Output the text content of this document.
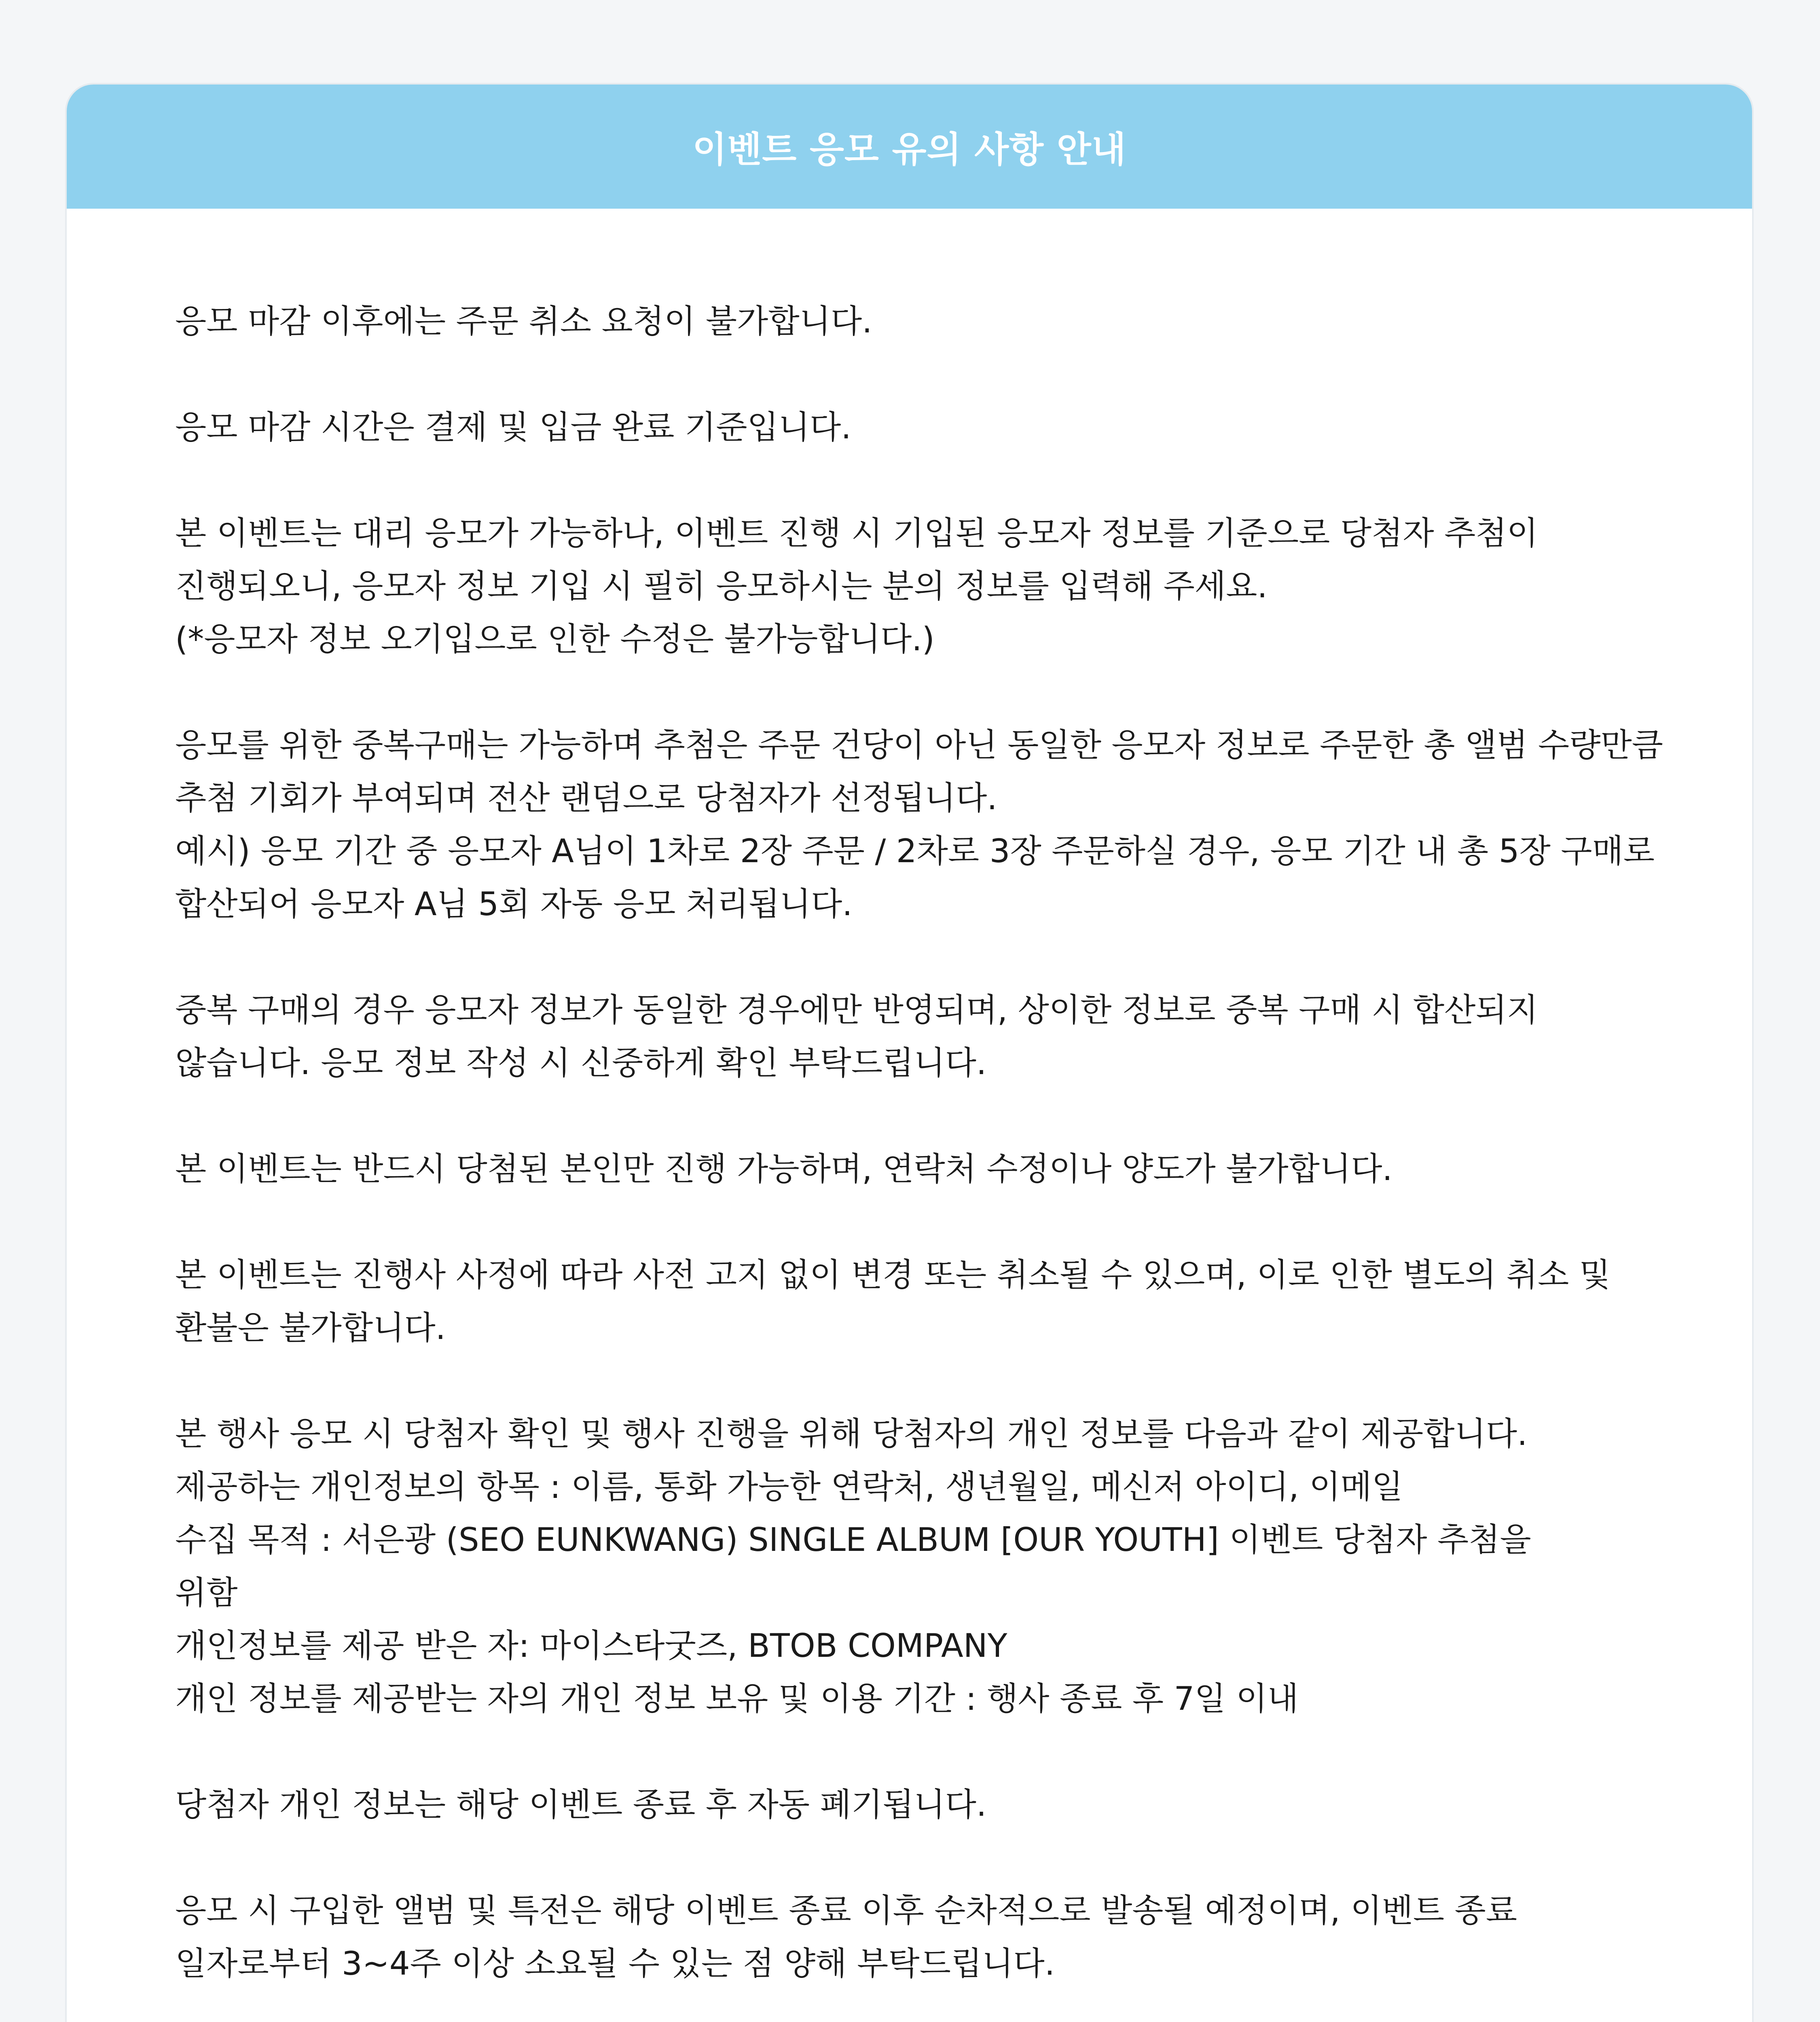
이벤트 응모 유의 사항 안내
응모 마감 이후에는 주문 취소 요청이 불가합니다.
응모 마감 시간은 결제 및 입금 완료 기준입니다.
본 이벤트는 대리 응모가 가능하나, 이벤트 진행 시 기입된 응모자 정보를 기준으로 당첨자 추첨이
진행되오니, 응모자 정보 기입 시 필히 응모하시는 분의 정보를 입력해 주세요.
(*응모자 정보 오기입으로 인한 수정은 불가능합니다.)
응모를 위한 중복구매는 가능하며 추첨은 주문 건당이 아닌 동일한 응모자 정보로 주문한 총 앨범 수량만큼
추첨 기회가 부여되며 전산 랜덤으로 당첨자가 선정됩니다.
예시) 응모 기간 중 응모자 A님이 1차로 2장 주문 / 2차로 3장 주문하실 경우, 응모 기간 내 총 5장 구매로
합산되어 응모자 A님 5회 자동 응모 처리됩니다.
중복 구매의 경우 응모자 정보가 동일한 경우에만 반영되며, 상이한 정보로 중복 구매 시 합산되지
않습니다. 응모 정보 작성 시 신중하게 확인 부탁드립니다.
본 이벤트는 반드시 당첨된 본인만 진행 가능하며, 연락처 수정이나 양도가 불가합니다.
본 이벤트는 진행사 사정에 따라 사전 고지 없이 변경 또는 취소될 수 있으며, 이로 인한 별도의 취소 및
환불은 불가합니다.
본 행사 응모 시 당첨자 확인 및 행사 진행을 위해 당첨자의 개인 정보를 다음과 같이 제공합니다.
제공하는 개인정보의 항목 : 이름, 통화 가능한 연락처, 생년월일, 메신저 아이디, 이메일
수집 목적 : 서은광 (SEO EUNKWANG) SINGLE ALBUM [OUR YOUTH] 이벤트 당첨자 추첨을
위함
개인정보를 제공 받은 자: 마이스타굿즈, BTOB COMPANY
개인 정보를 제공받는 자의 개인 정보 보유 및 이용 기간 : 행사 종료 후 7일 이내
당첨자 개인 정보는 해당 이벤트 종료 후 자동 폐기됩니다.
응모 시 구입한 앨범 및 특전은 해당 이벤트 종료 이후 순차적으로 발송될 예정이며, 이벤트 종료
일자로부터 3~4주 이상 소요될 수 있는 점 양해 부탁드립니다.
